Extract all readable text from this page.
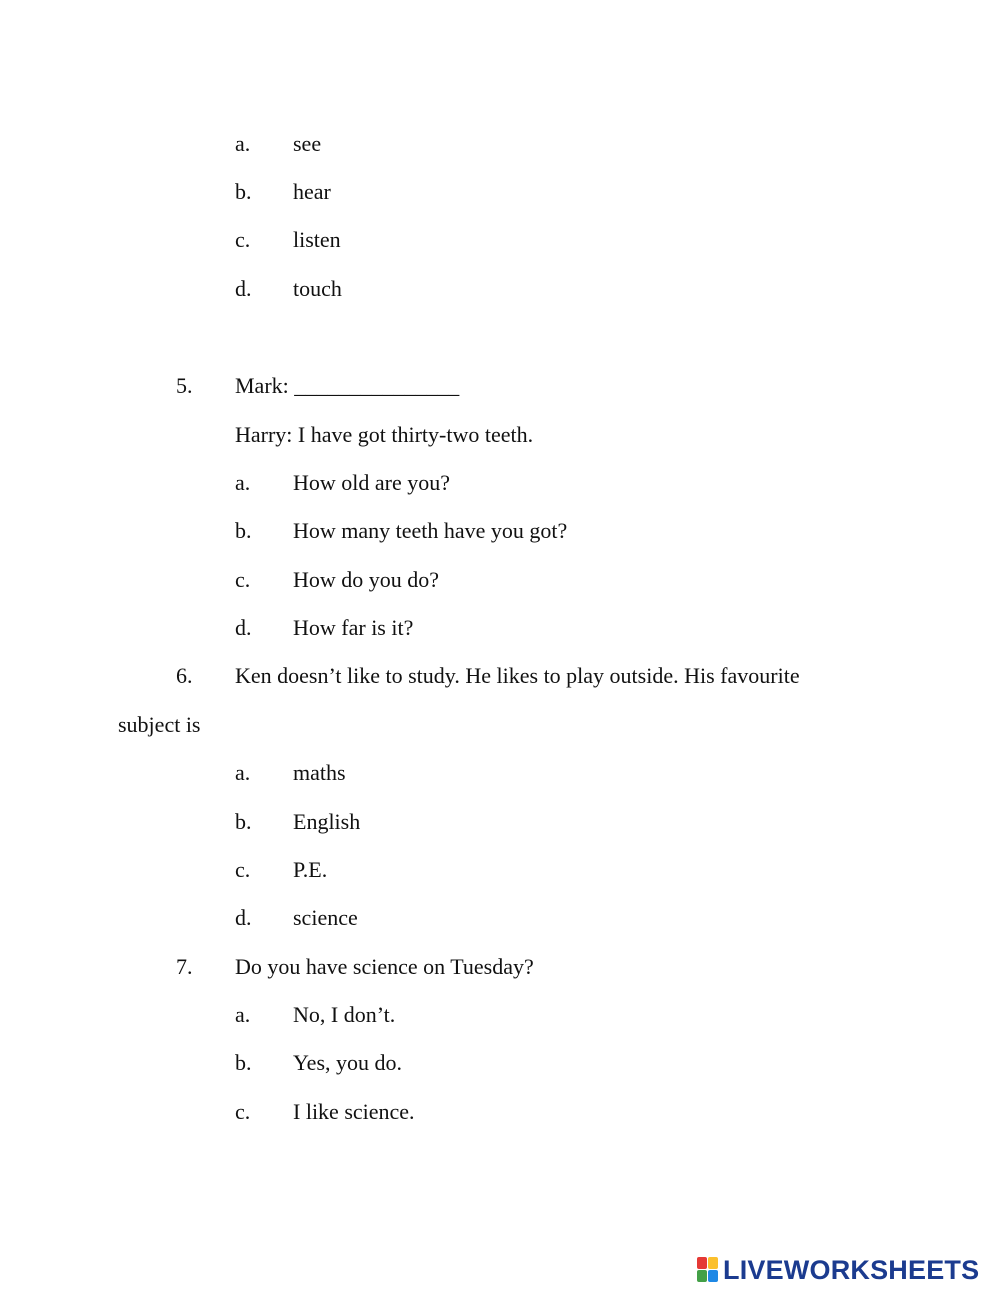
a. see
b. hear
c. listen
d. touch
5. Mark: _______________
Harry: I have got thirty-two teeth.
a. How old are you?
b. How many teeth have you got?
c. How do you do?
d. How far is it?
6. Ken doesn’t like to study. He likes to play outside. His favourite
subject is
a. maths
b. English
c. P.E.
d. science
7. Do you have science on Tuesday?
a. No, I don’t.
b. Yes, you do.
c. I like science.
LIVEWORKSHEETS
